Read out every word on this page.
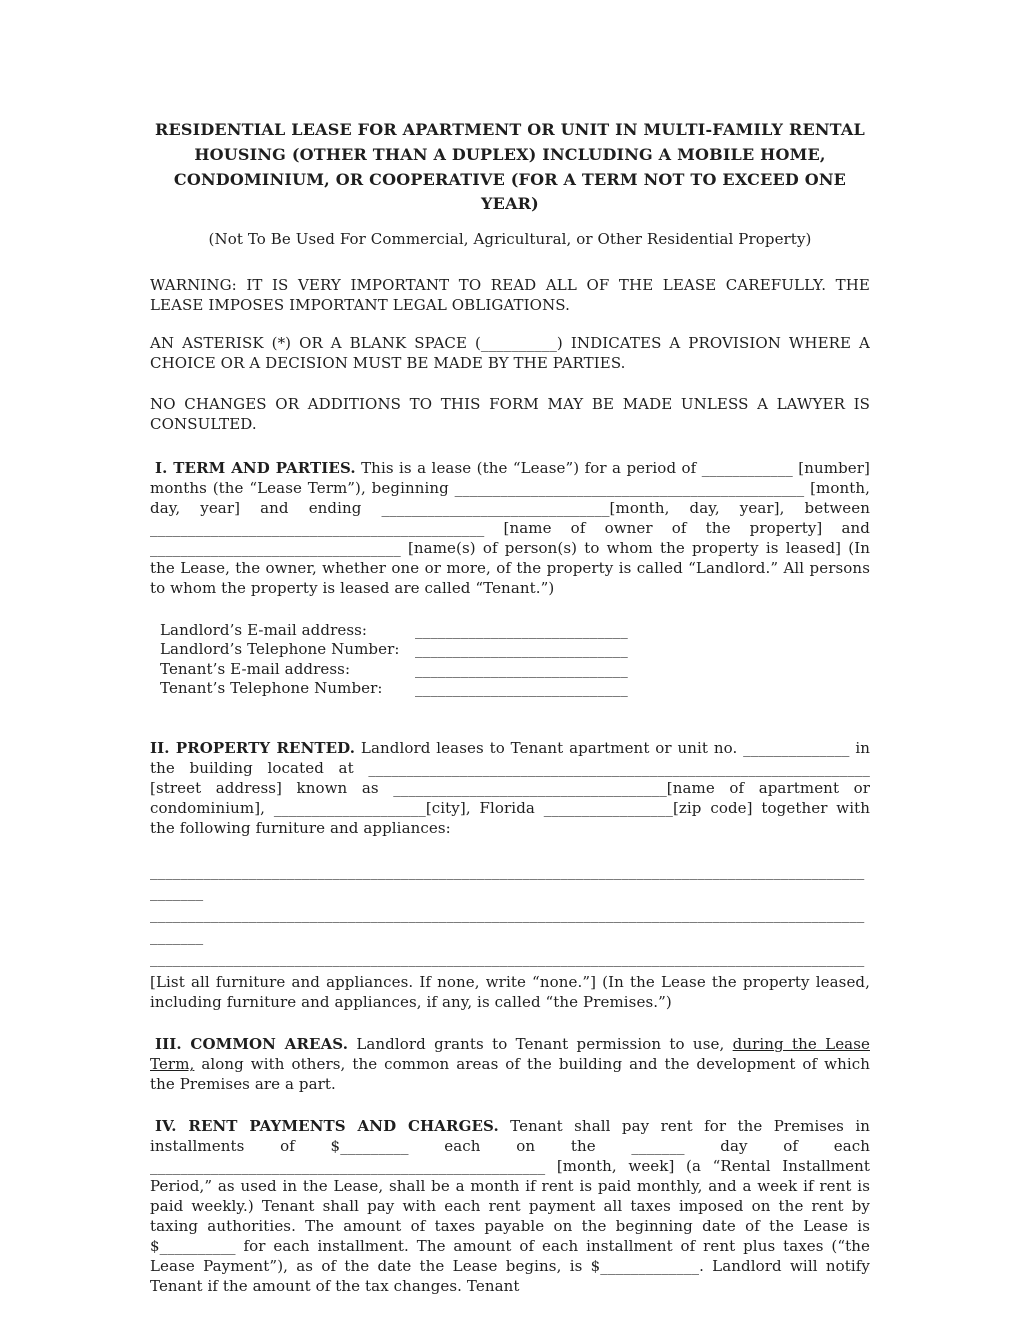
RESIDENTIAL LEASE FOR APARTMENT OR UNIT IN MULTI-FAMILY RENTAL HOUSING (OTHER THAN A DUPLEX) INCLUDING A MOBILE HOME, CONDOMINIUM, OR COOPERATIVE (FOR A TERM NOT TO EXCEED ONE YEAR)
(Not To Be Used For Commercial, Agricultural, or Other Residential Property)

WARNING: IT IS VERY IMPORTANT TO READ ALL OF THE LEASE CAREFULLY. THE LEASE IMPOSES IMPORTANT LEGAL OBLIGATIONS.

AN ASTERISK (*) OR A BLANK SPACE (__________) INDICATES A PROVISION WHERE A CHOICE OR A DECISION MUST BE MADE BY THE PARTIES.

NO CHANGES OR ADDITIONS TO THIS FORM MAY BE MADE UNLESS A LAWYER IS CONSULTED.

I. TERM AND PARTIES. This is a lease (the “Lease”) for a period of ____________ [number] months (the “Lease Term”), beginning ______________________________________________ [month, day, year] and ending ______________________________[month, day, year], between ____________________________________________ [name of owner of the property] and _________________________________ [name(s) of person(s) to whom the property is leased] (In the Lease, the owner, whether one or more, of the property is called “Landlord.” All persons to whom the property is leased are called “Tenant.”)

Landlord’s E-mail address:	____________________________
Landlord’s Telephone Number:	____________________________
Tenant’s E-mail address:	____________________________
Tenant’s Telephone Number:	____________________________

II. PROPERTY RENTED. Landlord leases to Tenant apartment or unit no. ______________ in the building located at __________________________________________________________________ [street address] known as ____________________________________[name of apartment or condominium], ____________________[city], Florida _________________[zip code] together with the following furniture and appliances:

______________________________________________________________________________________________
_______
______________________________________________________________________________________________
_______
______________________________________________________________________________________________

[List all furniture and appliances. If none, write “none.”] (In the Lease the property leased, including furniture and appliances, if any, is called “the Premises.”)

III. COMMON AREAS. Landlord grants to Tenant permission to use, during the Lease Term, along with others, the common areas of the building and the development of which the Premises are a part.

IV. RENT PAYMENTS AND CHARGES. Tenant shall pay rent for the Premises in installments of $_________ each on the _______ day of each ____________________________________________________ [month, week] (a “Rental Installment Period,” as used in the Lease, shall be a month if rent is paid monthly, and a week if rent is paid weekly.) Tenant shall pay with each rent payment all taxes imposed on the rent by taxing authorities. The amount of taxes payable on the beginning date of the Lease is $__________ for each installment. The amount of each installment of rent plus taxes (“the Lease Payment”), as of the date the Lease begins, is $_____________. Landlord will notify Tenant if the amount of the tax changes. Tenant
